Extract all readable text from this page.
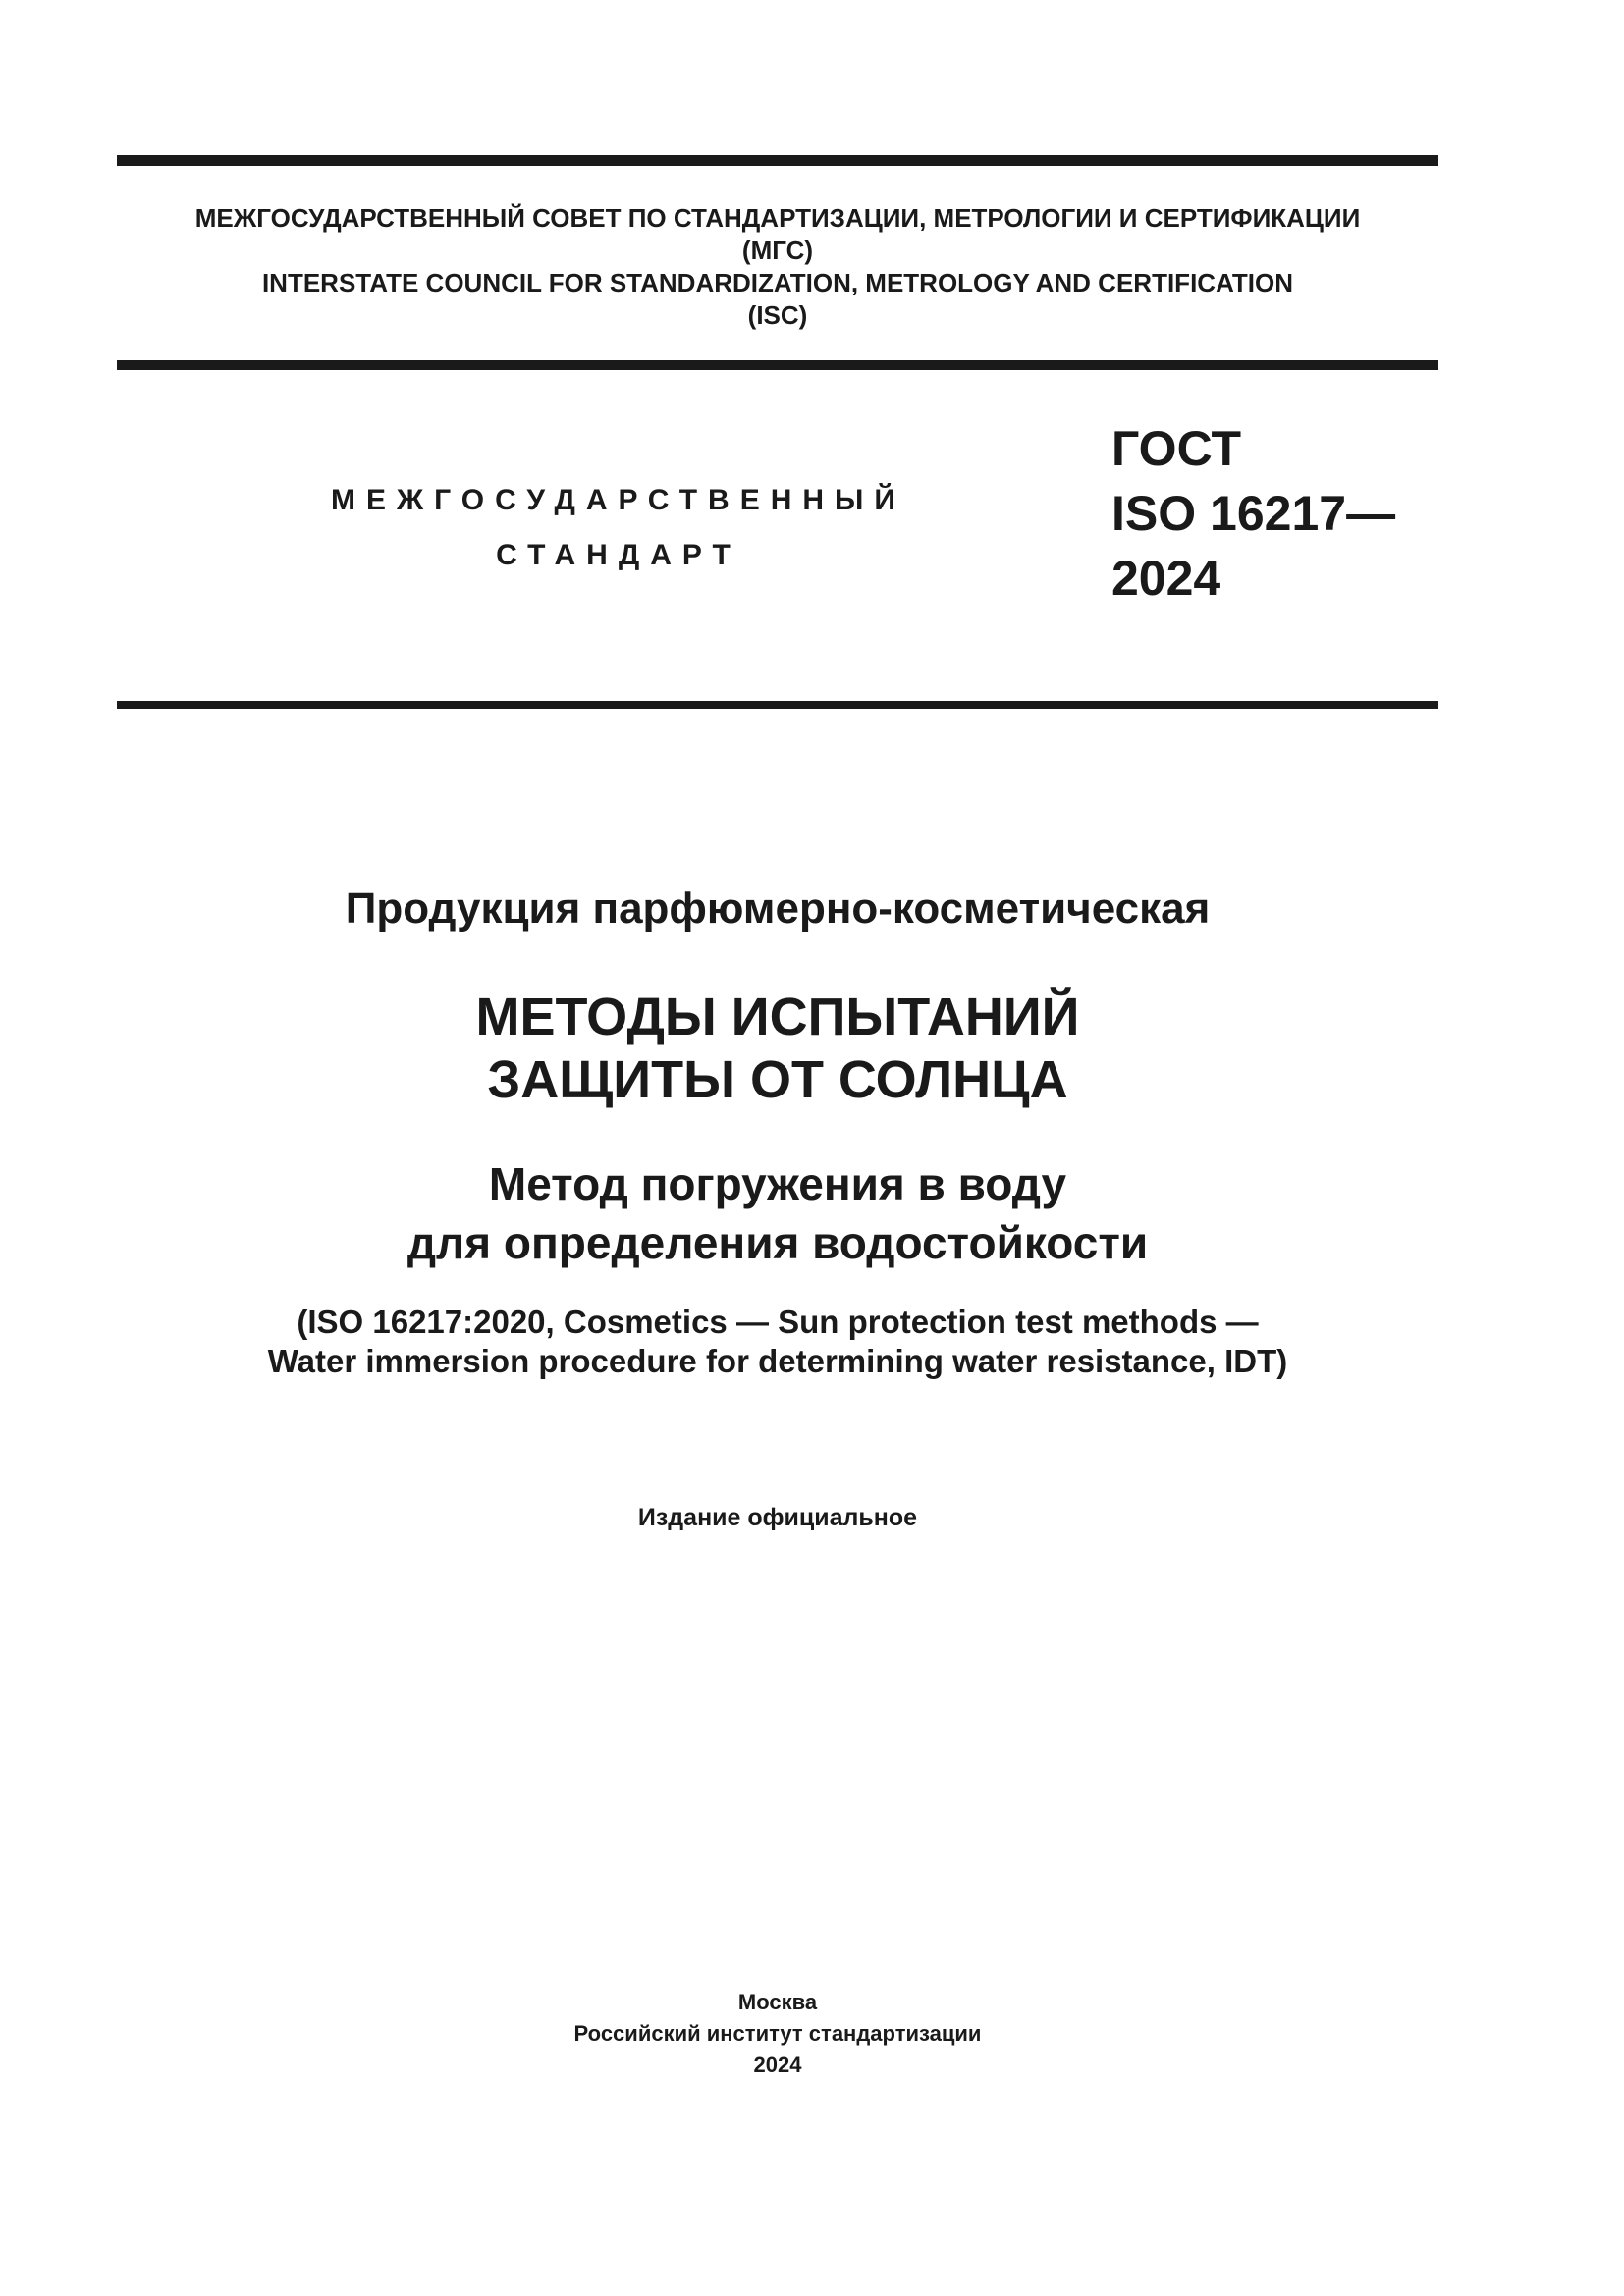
МЕЖГОСУДАРСТВЕННЫЙ СОВЕТ ПО СТАНДАРТИЗАЦИИ, МЕТРОЛОГИИ И СЕРТИФИКАЦИИ
(МГС)
INTERSTATE COUNCIL FOR STANDARDIZATION, METROLOGY AND CERTIFICATION
(ISC)
МЕЖГОСУДАРСТВЕННЫЙ
СТАНДАРТ
ГОСТ
ISO 16217—
2024
Продукция парфюмерно-косметическая
МЕТОДЫ ИСПЫТАНИЙ
ЗАЩИТЫ ОТ СОЛНЦА
Метод погружения в воду
для определения водостойкости
(ISO 16217:2020, Cosmetics — Sun protection test methods —
Water immersion procedure for determining water resistance, IDT)
Издание официальное
Москва
Российский институт стандартизации
2024
